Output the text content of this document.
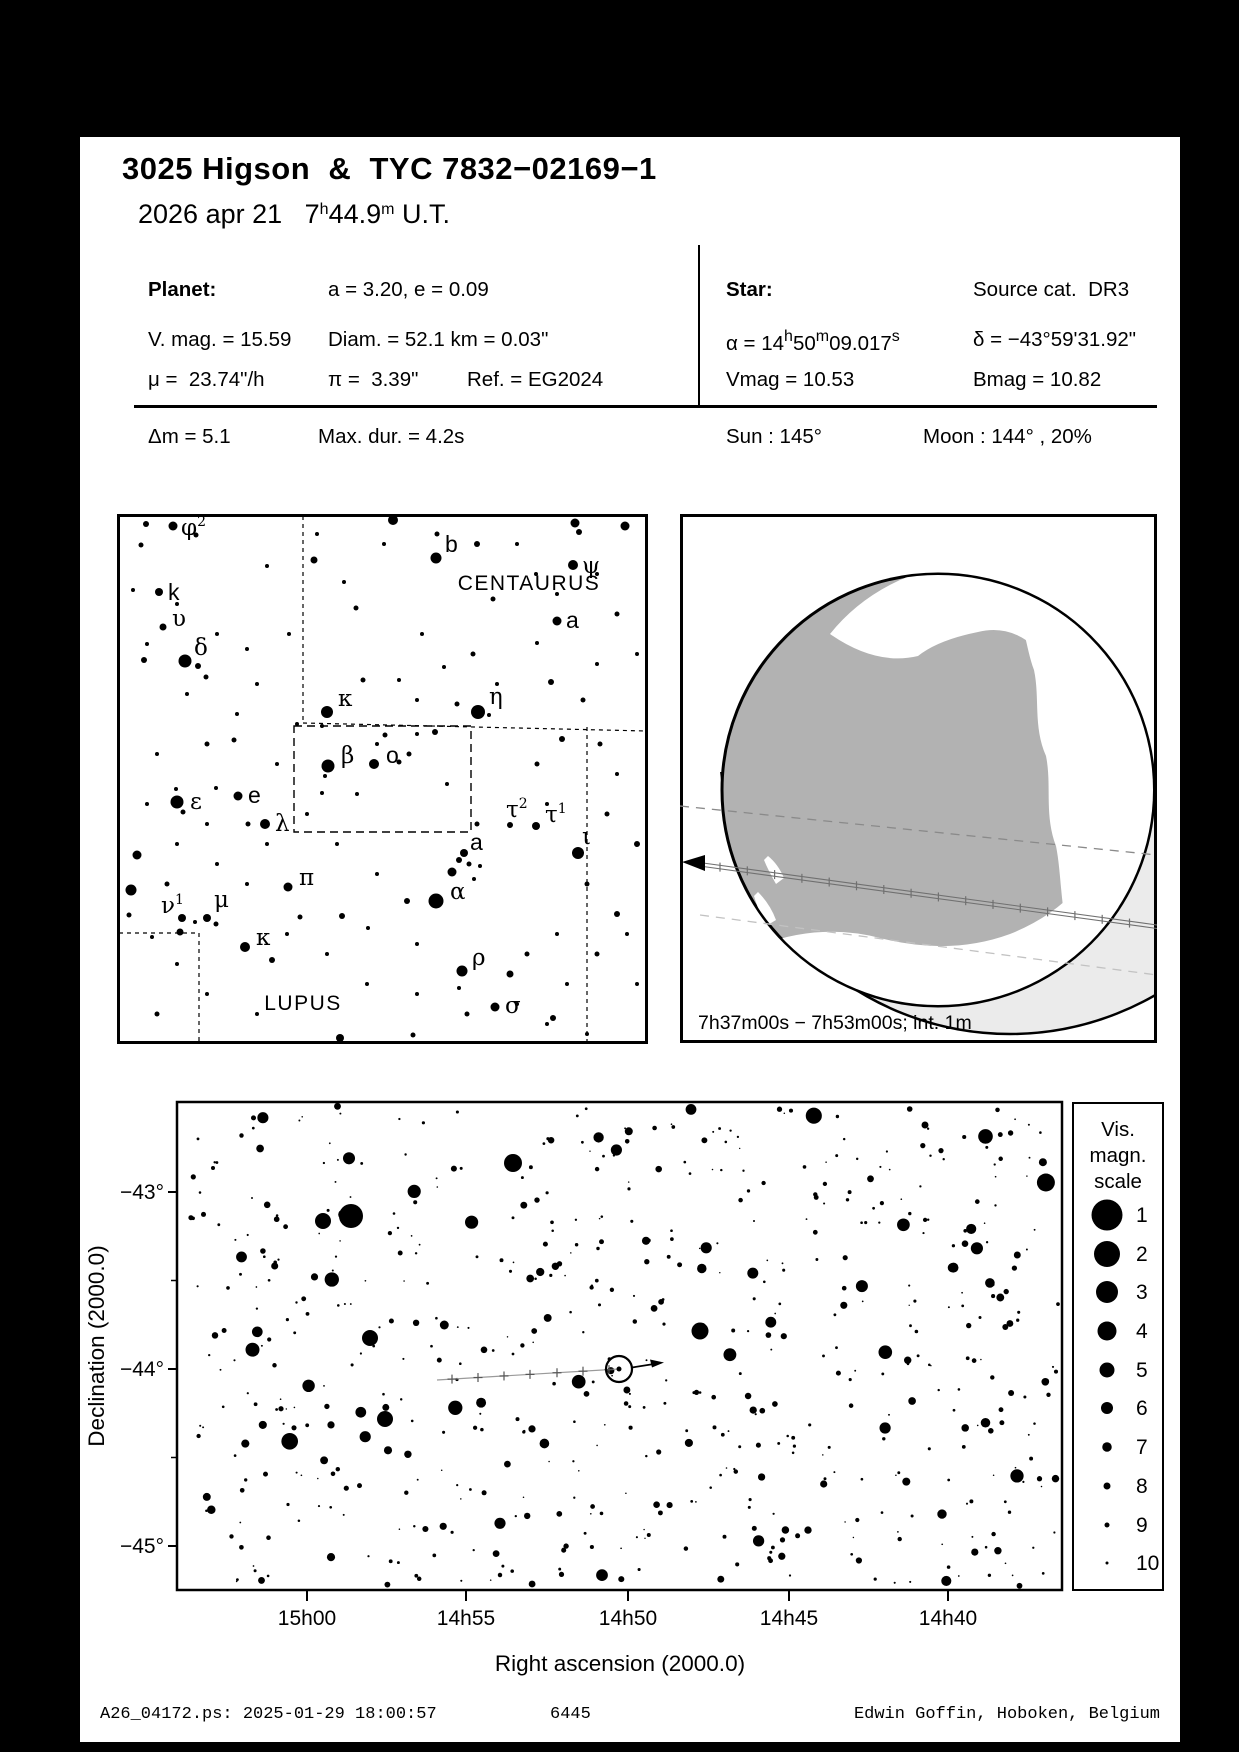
3025 Higson  &  TYC 7832−02169−1
2026 apr 21   7$^h$44.9$^m$ U.T.
Planet:	a = 3.20, e = 0.09	Star:	Source cat.  DR3
V. mag. = 15.59 Diam. = 52.1 km = 0.03"	$\alpha = 14^h50^m09.017^s$	δ = −43°59'31.92"
μ =  23.74"/h	π =  3.39" Ref. = EG2024	Vmag = 10.53	Bmag = 10.82
Δm = 5.1	Max. dur. = 4.2s	Sun : 145°	Moon : 144° , 20%
$\varphi^2$
k
υ
δ
b
ψ
a
κ	η
β o
ε e
λ
$\tau^2$ $\tau^1$
ι
a
π
α
$\nu^1$ μ
κ
ρ
σ
CENTAURUS
LUPUS
7h37m00s − 7h53m00s; int. 1m
15h00	14h55	14h50	14h45	14h40
−43°
−44°
−45°
Right ascension (2000.0)
Declination (2000.0)
Vis.
magn.
scale
1
2
3
4
5
6
7
8
9
10
A26_04172.ps: 2025-01-29 18:00:57	6445	Edwin Goffin, Hoboken, Belgium
